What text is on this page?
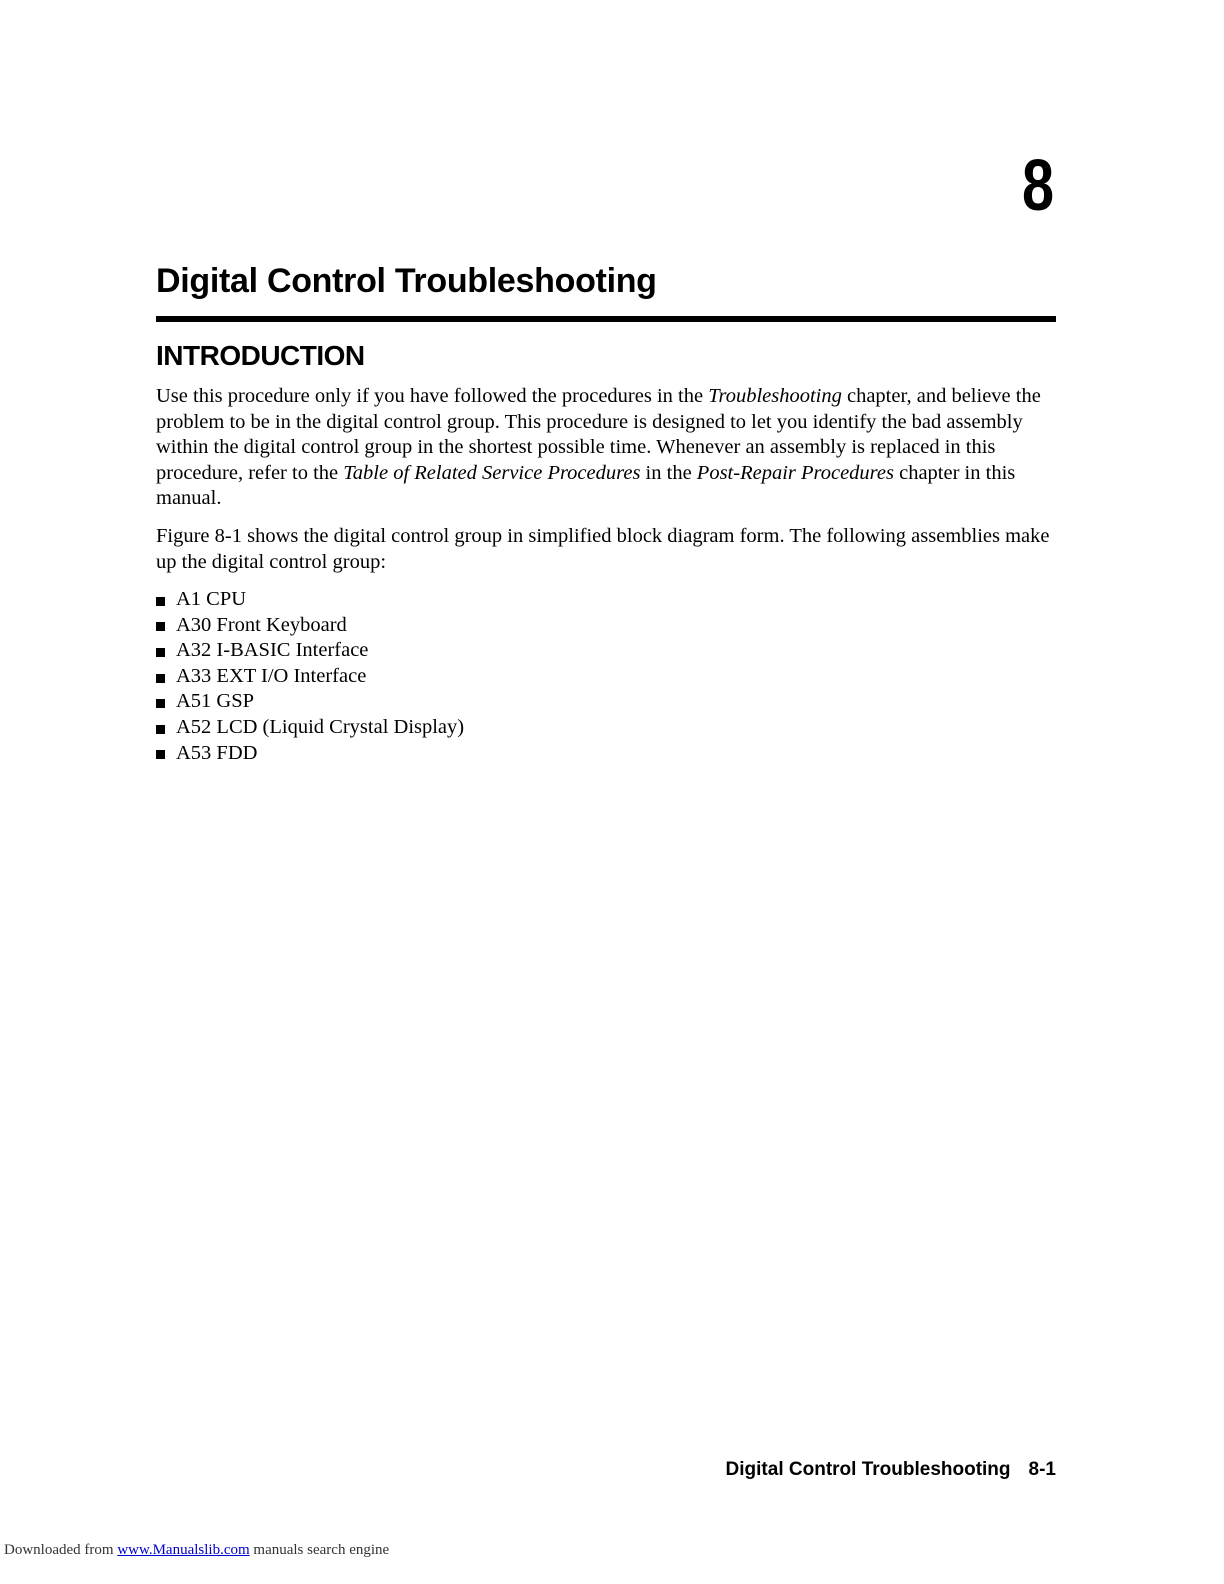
8
Digital Control Troubleshooting
INTRODUCTION

Use this procedure only if you have followed the procedures in the Troubleshooting chapter, and believe the problem to be in the digital control group. This procedure is designed to let you identify the bad assembly within the digital control group in the shortest possible time. Whenever an assembly is replaced in this procedure, refer to the Table of Related Service Procedures in the Post-Repair Procedures chapter in this manual.

Figure 8-1 shows the digital control group in simplified block diagram form. The following assemblies make up the digital control group:

A1 CPU
A30 Front Keyboard
A32 I-BASIC Interface
A33 EXT I/O Interface
A51 GSP
A52 LCD (Liquid Crystal Display)
A53 FDD
Digital Control Troubleshooting 8-1
Downloaded from www.Manualslib.com manuals search engine
